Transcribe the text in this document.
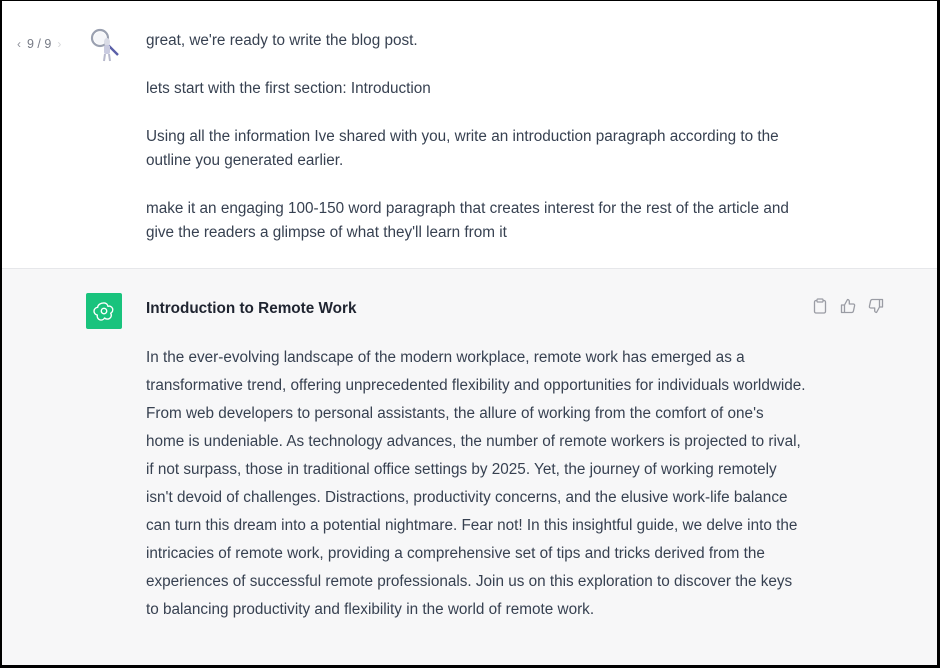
‹ 9 / 9 ›	great, we're ready to write the blog post.

lets start with the first section: Introduction

Using all the information Ive shared with you, write an introduction paragraph according to the outline you generated earlier.

make it an engaging 100-150 word paragraph that creates interest for the rest of the article and give the readers a glimpse of what they'll learn from it

Introduction to Remote Work
In the ever-evolving landscape of the modern workplace, remote work has emerged as a transformative trend, offering unprecedented flexibility and opportunities for individuals worldwide. From web developers to personal assistants, the allure of working from the comfort of one's home is undeniable. As technology advances, the number of remote workers is projected to rival, if not surpass, those in traditional office settings by 2025. Yet, the journey of working remotely isn't devoid of challenges. Distractions, productivity concerns, and the elusive work-life balance can turn this dream into a potential nightmare. Fear not! In this insightful guide, we delve into the intricacies of remote work, providing a comprehensive set of tips and tricks derived from the experiences of successful remote professionals. Join us on this exploration to discover the keys to balancing productivity and flexibility in the world of remote work.
